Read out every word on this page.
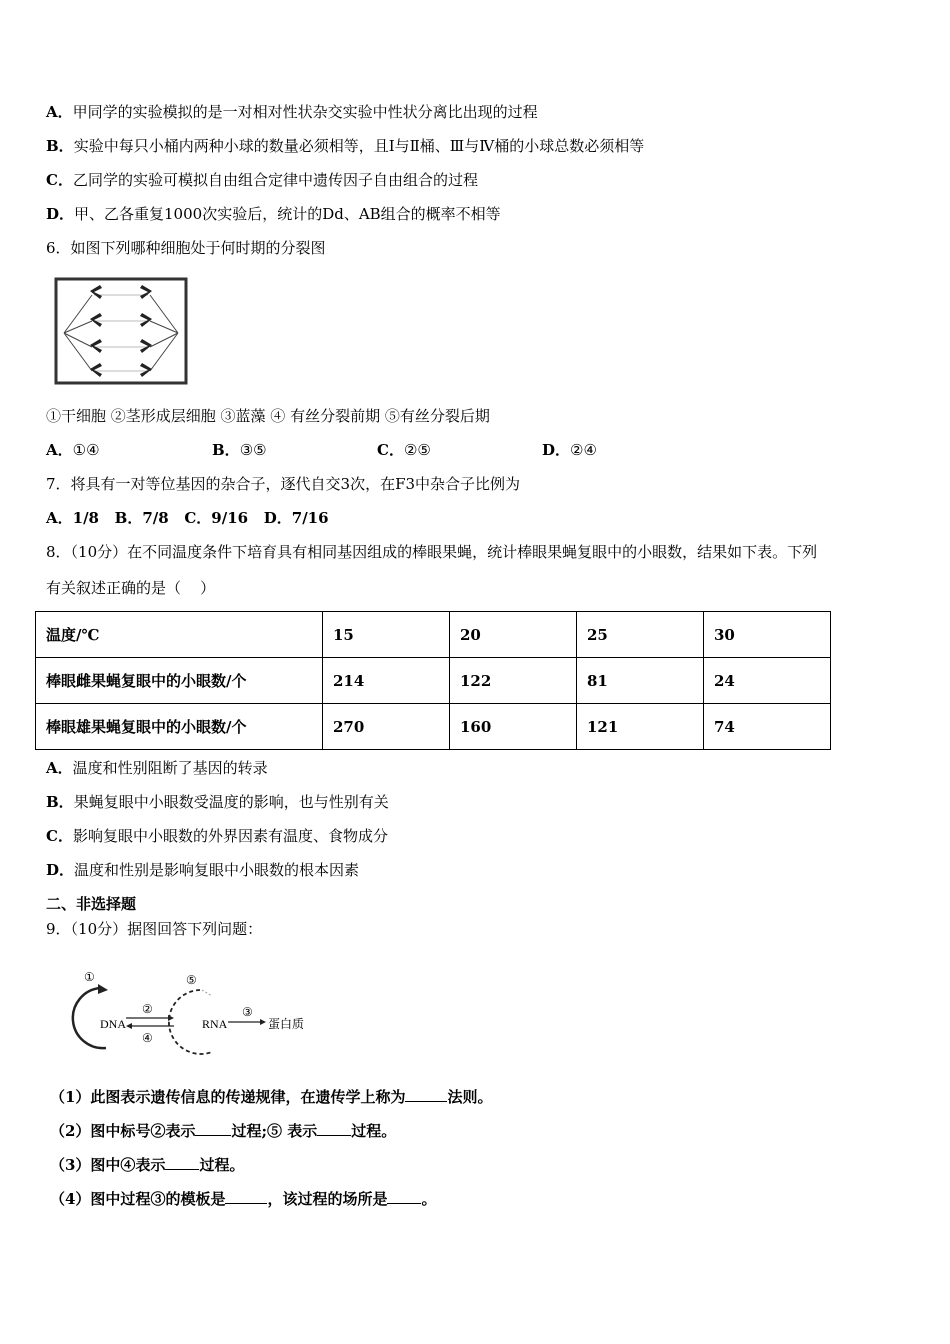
A．甲同学的实验模拟的是一对相对性状杂交实验中性状分离比出现的过程
B．实验中每只小桶内两种小球的数量必须相等，且Ⅰ与Ⅱ桶、Ⅲ与Ⅳ桶的小球总数必须相等
C．乙同学的实验可模拟自由组合定律中遗传因子自由组合的过程
D．甲、乙各重复1000次实验后，统计的Dd、AB组合的概率不相等
6．如图下列哪种细胞处于何时期的分裂图
①干细胞 ②茎形成层细胞 ③蓝藻 ④ 有丝分裂前期 ⑤有丝分裂后期
A．①④	B．③⑤	C．②⑤	D．②④
7．将具有一对等位基因的杂合子，逐代自交3次，在F3中杂合子比例为
A．1/8   B．7/8   C．9/16   D．7/16
8．（10分）在不同温度条件下培育具有相同基因组成的棒眼果蝇，统计棒眼果蝇复眼中的小眼数，结果如下表。下列
有关叙述正确的是（    ）
温度/℃	15	20	25	30
棒眼雌果蝇复眼中的小眼数/个	214	122	81	24
棒眼雄果蝇复眼中的小眼数/个	270	160	121	74
A．温度和性别阻断了基因的转录
B．果蝇复眼中小眼数受温度的影响，也与性别有关
C．影响复眼中小眼数的外界因素有温度、食物成分
D．温度和性别是影响复眼中小眼数的根本因素
二、非选择题
9．（10分）据图回答下列问题：
①
DNA
②
④
⑤
RNA
③
蛋白质
（1）此图表示遗传信息的传递规律，在遗传学上称为	法则。
（2）图中标号②表示 过程;⑤ 表示 过程。
（3）图中④表示 过程。
（4）图中过程③的模板是	，该过程的场所是 。
